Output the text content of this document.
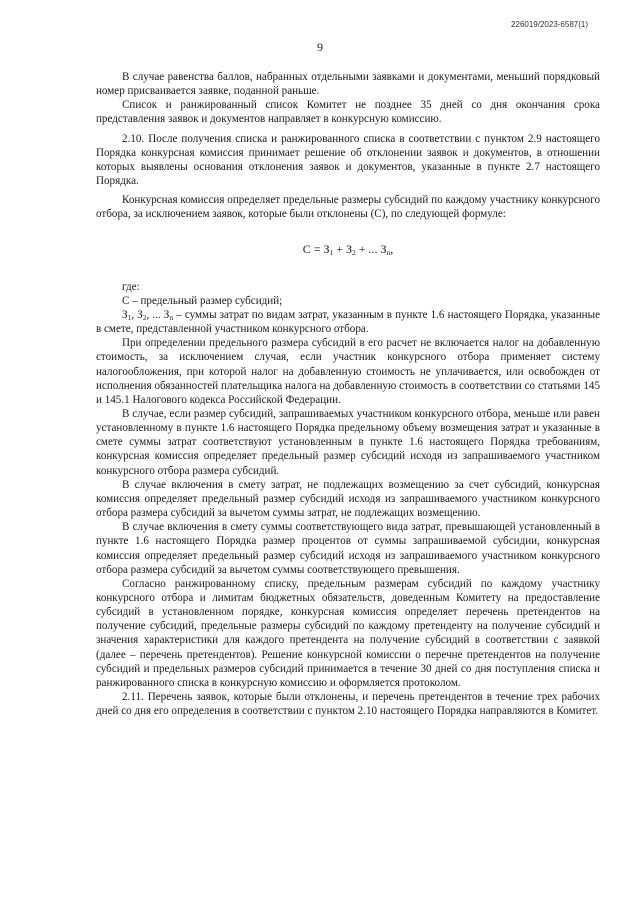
226019/2023-6587(1)
9

В случае равенства баллов, набранных отдельными заявками и документами, меньший порядковый номер присваивается заявке, поданной раньше.

Список и ранжированный список Комитет не позднее 35 дней со дня окончания срока представления заявок и документов направляет в конкурсную комиссию.

2.10. После получения списка и ранжированного списка в соответствии с пунктом 2.9 настоящего Порядка конкурсная комиссия принимает решение об отклонении заявок и документов, в отношении которых выявлены основания отклонения заявок и документов, указанные в пункте 2.7 настоящего Порядка.

Конкурсная комиссия определяет предельные размеры субсидий по каждому участнику конкурсного отбора, за исключением заявок, которые были отклонены (С), по следующей формуле:

$С = З_1 + З_2$ + ... $З_n$,

где:

С – предельный размер субсидий;

$З_1$, $З_2$, ... $З_n$ – суммы затрат по видам затрат, указанным в пункте 1.6 настоящего Порядка, указанные в смете, представленной участником конкурсного отбора.

При определении предельного размера субсидий в его расчет не включается налог на добавленную стоимость, за исключением случая, если участник конкурсного отбора применяет систему налогообложения, при которой налог на добавленную стоимость не уплачивается, или освобожден от исполнения обязанностей плательщика налога на добавленную стоимость в соответствии со статьями 145 и 145.1 Налогового кодекса Российской Федерации.

В случае, если размер субсидий, запрашиваемых участником конкурсного отбора, меньше или равен установленному в пункте 1.6 настоящего Порядка предельному объему возмещения затрат и указанные в смете суммы затрат соответствуют установленным в пункте 1.6 настоящего Порядка требованиям, конкурсная комиссия определяет предельный размер субсидий исходя из запрашиваемого участником конкурсного отбора размера субсидий.

В случае включения в смету затрат, не подлежащих возмещению за счет субсидий, конкурсная комиссия определяет предельный размер субсидий исходя из запрашиваемого участником конкурсного отбора размера субсидий за вычетом суммы затрат, не подлежащих возмещению.

В случае включения в смету суммы соответствующего вида затрат, превышающей установленный в пункте 1.6 настоящего Порядка размер процентов от суммы запрашиваемой субсидии, конкурсная комиссия определяет предельный размер субсидий исходя из запрашиваемого участником конкурсного отбора размера субсидий за вычетом суммы соответствующего превышения.

Согласно ранжированному списку, предельным размерам субсидий по каждому участнику конкурсного отбора и лимитам бюджетных обязательств, доведенным Комитету на предоставление субсидий в установленном порядке, конкурсная комиссия определяет перечень претендентов на получение субсидий, предельные размеры субсидий по каждому претенденту на получение субсидий и значения характеристики для каждого претендента на получение субсидий в соответствии с заявкой (далее – перечень претендентов). Решение конкурсной комиссии о перечне претендентов на получение субсидий и предельных размеров субсидий принимается в течение 30 дней со дня поступления списка и ранжированного списка в конкурсную комиссию и оформляется протоколом.

2.11. Перечень заявок, которые были отклонены, и перечень претендентов в течение трех рабочих дней со дня его определения в соответствии с пунктом 2.10 настоящего Порядка направляются в Комитет.
